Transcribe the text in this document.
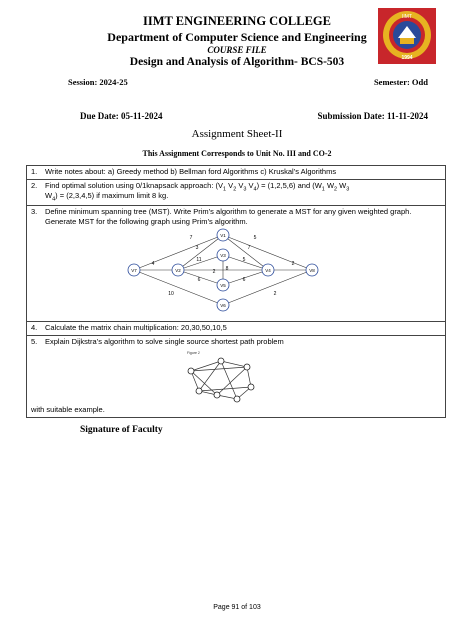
IIMT ENGINEERING COLLEGE
Department of Computer Science and Engineering
COURSE FILE
Design and Analysis of Algorithm- BCS-503
IIMT
1994
Session: 2024-25	Semester: Odd
Due Date: 05-11-2024	Submission Date: 11-11-2024
Assignment Sheet-II
This Assignment Corresponds to Unit No. III and CO-2
1. Write notes about: a) Greedy method b) Bellman ford Algorithms c) Kruskal’s Algorithms
2. Find optimal solution using 0/1knapsack approach: ($V_1$ $V_2$ $V_3$ $V_4) = (1,2,5,6)$ and ($W_1$ $W_2$ $W_3$
$W_4) = (2,3,4,5)$ if maximum limit 8 kg.

3.	Define minimum spanning tree (MST). Write Prim’s algorithm to generate a MST for any given weighted graph. Generate MST for the following graph using Prim’s algorithm.
3	7
4	2
11	5
6	6
10	2
8
2
7	5
V1
V2
V3
V4
V5
V6
V7	V8

4. Calculate the matrix chain multiplication: 20,30,50,10,5
5. Explain Dijkstra’s algorithm to solve single source shortest path problem
Figure 2
with suitable example.
Signature of Faculty
Page 91 of 103
